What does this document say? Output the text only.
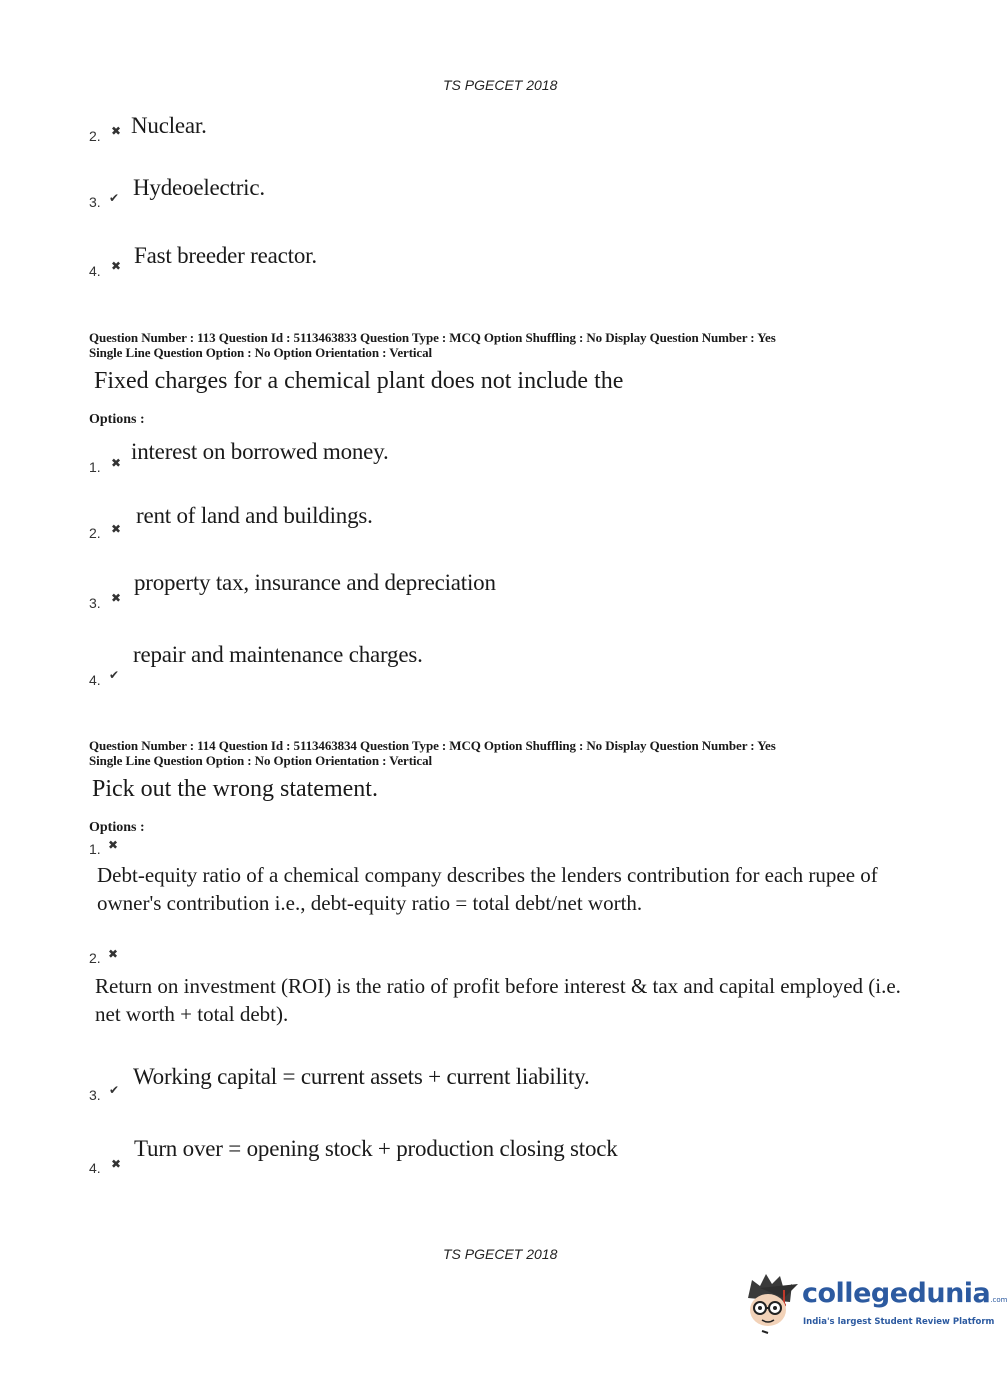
TS PGECET 2018
2. ✖ Nuclear.
3. ✔ Hydeoelectric.
4. ✖ Fast breeder reactor.
Question Number : 113 Question Id : 5113463833 Question Type : MCQ Option Shuffling : No Display Question Number : Yes
Single Line Question Option : No Option Orientation : Vertical
Fixed charges for a chemical plant does not include the
Options :
1. ✖ interest on borrowed money.
2. ✖
rent of land and buildings.
3. ✖
property tax, insurance and depreciation
4. ✔
repair and maintenance charges.
Question Number : 114 Question Id : 5113463834 Question Type : MCQ Option Shuffling : No Display Question Number : Yes
Single Line Question Option : No Option Orientation : Vertical
Pick out the wrong statement.
Options :
1. ✖
Debt-equity ratio of a chemical company describes the lenders contribution for each rupee of owner's contribution i.e., debt-equity ratio = total debt/net worth.
2. ✖
Return on investment (ROI) is the ratio of profit before interest & tax and capital employed (i.e. net worth + total debt).
3. ✔
Working capital = current assets + current liability.
4. ✖
Turn over = opening stock + production closing stock
TS PGECET 2018
collegedunia.com
India's largest Student Review Platform
